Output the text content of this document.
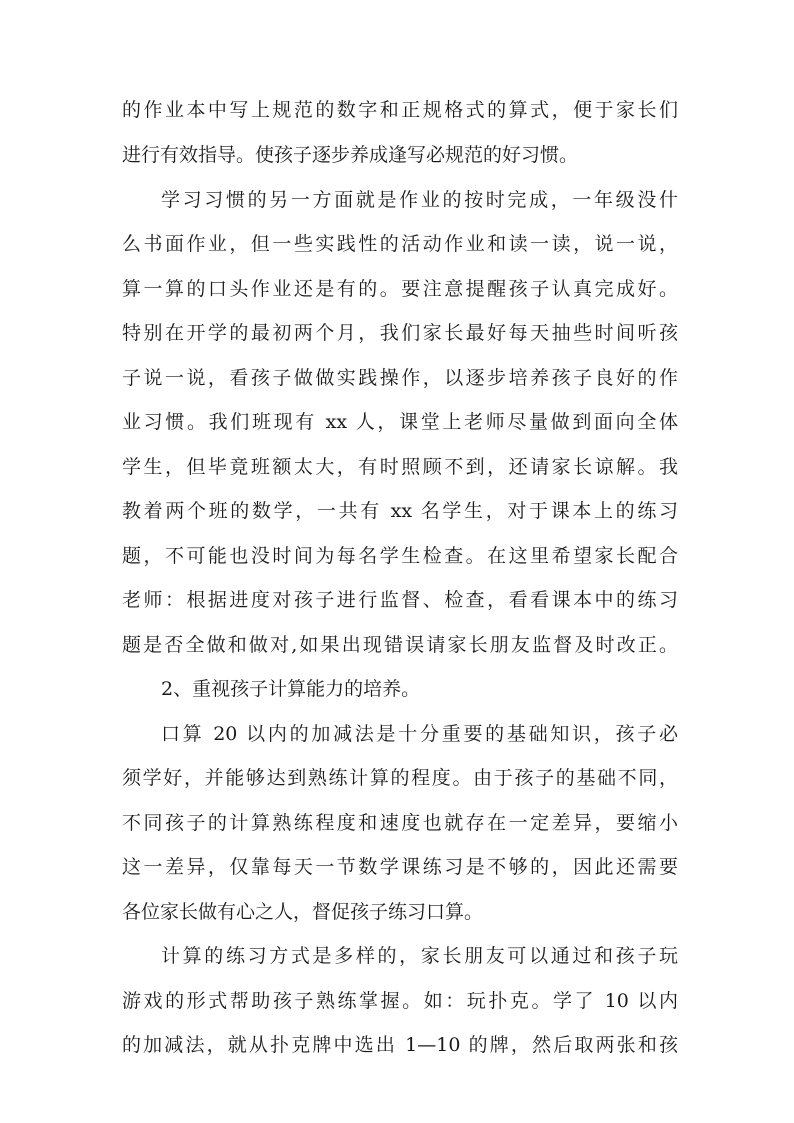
的作业本中写上规范的数字和正规格式的算式，便于家长们
进行有效指导。使孩子逐步养成逢写必规范的好习惯。
学习习惯的另一方面就是作业的按时完成，一年级没什
么书面作业，但一些实践性的活动作业和读一读，说一说，
算一算的口头作业还是有的。要注意提醒孩子认真完成好。
特别在开学的最初两个月，我们家长最好每天抽些时间听孩
子说一说，看孩子做做实践操作，以逐步培养孩子良好的作
业习惯。我们班现有 xx 人，课堂上老师尽量做到面向全体
学生，但毕竟班额太大，有时照顾不到，还请家长谅解。我
教着两个班的数学，一共有 xx 名学生，对于课本上的练习
题，不可能也没时间为每名学生检查。在这里希望家长配合
老师：根据进度对孩子进行监督、检查，看看课本中的练习
题是否全做和做对,如果出现错误请家长朋友监督及时改正。
2、重视孩子计算能力的培养。
口算 20 以内的加减法是十分重要的基础知识，孩子必
须学好，并能够达到熟练计算的程度。由于孩子的基础不同，
不同孩子的计算熟练程度和速度也就存在一定差异，要缩小
这一差异，仅靠每天一节数学课练习是不够的，因此还需要
各位家长做有心之人，督促孩子练习口算。
计算的练习方式是多样的，家长朋友可以通过和孩子玩
游戏的形式帮助孩子熟练掌握。如：玩扑克。学了 10 以内
的加减法，就从扑克牌中选出 1—10 的牌，然后取两张和孩
